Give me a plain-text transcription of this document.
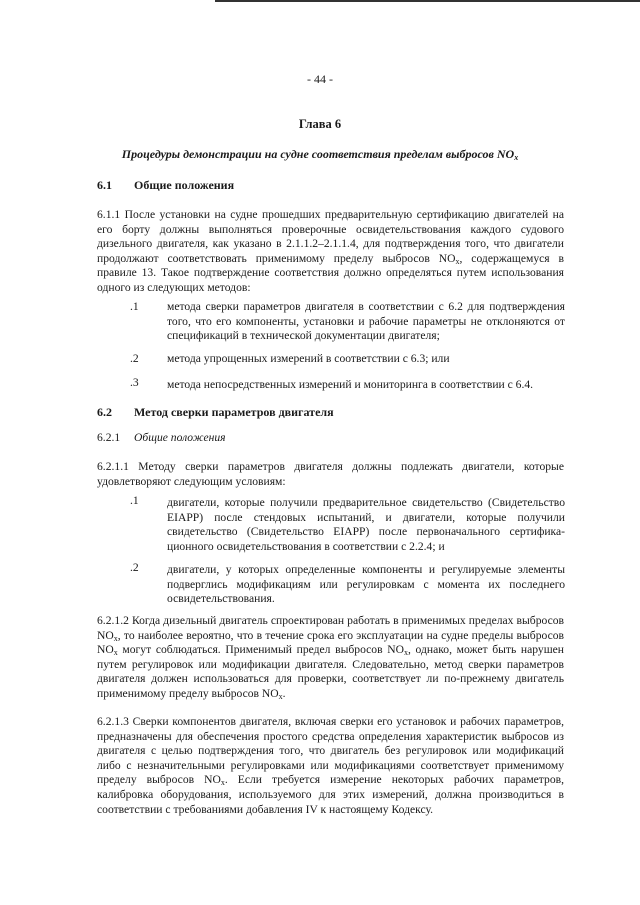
- 44 -
Глава 6
Процедуры демонстрации на судне соответствия пределам выбросов $NO_x$
6.1 Общие положения
6.1.1 После установки на судне прошедших предварительную сертификацию двигателей на его борту должны выполняться проверочные освидетельствования каждого судового дизельного двигателя, как указано в 2.1.1.2–2.1.1.4, для подтверждения того, что двигатели продолжают соответствовать применимому пределу выбросов $NO_x$, содержащемуся в правиле 13. Такое подтверждение соответствия должно определяться путем использования одного из следующих методов:
.1	метода сверки параметров двигателя в соответствии с 6.2 для подтверждения того, что его компоненты, установки и рабочие параметры не отклоняются от спецификаций в технической документации двигателя;
.2	метода упрощенных измерений в соответствии с 6.3; или
.3	метода непосредственных измерений и мониторинга в соответствии с 6.4.
6.2 Метод сверки параметров двигателя
6.2.1 Общие положения
6.2.1.1 Методу сверки параметров двигателя должны подлежать двигатели, которые удовлетворяют следующим условиям:
.1	двигатели, которые получили предварительное свидетельство (Свидетельство EIAPP) после стендовых испытаний, и двигатели, которые получили свидетельство (Свидетельство EIAPP) после первоначального сертифика-ционного освидетельствования в соответствии с 2.2.4; и
.2	двигатели, у которых определенные компоненты и регулируемые элементы подверглись модификациям или регулировкам с момента их последнего освидетельствования.
6.2.1.2 Когда дизельный двигатель спроектирован работать в применимых пределах выбросов $NO_x$, то наиболее вероятно, что в течение срока его эксплуатации на судне пределы выбросов $NO_x$ могут соблюдаться. Применимый предел выбросов $NO_x$, однако, может быть нарушен путем регулировок или модификации двигателя. Следовательно, метод сверки параметров двигателя должен использоваться для проверки, соответствует ли по-прежнему двигатель применимому пределу выбросов $NO_x$.
6.2.1.3 Сверки компонентов двигателя, включая сверки его установок и рабочих параметров, предназначены для обеспечения простого средства определения характеристик выбросов из двигателя с целью подтверждения того, что двигатель без регулировок или модификаций либо с незначительными регулировками или модификациями соответствует применимому пределу выбросов $NO_x$. Если требуется измерение некоторых рабочих параметров, калибровка оборудования, используемого для этих измерений, должна производиться в соответствии с требованиями добавления IV к настоящему Кодексу.
